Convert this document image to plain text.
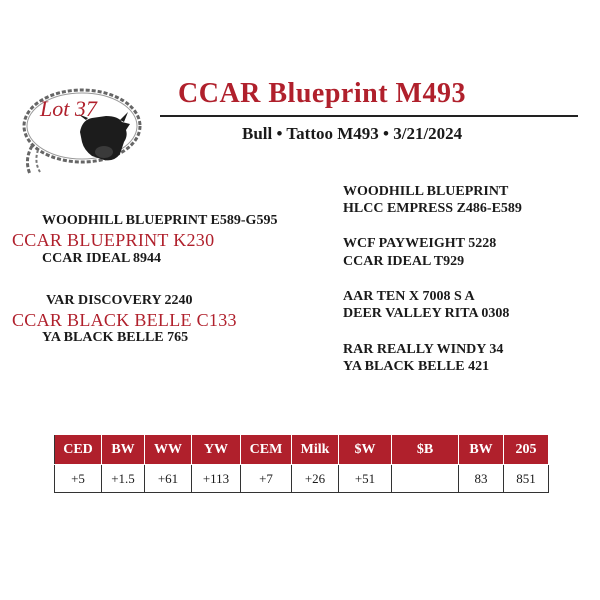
Lot 37	CCAR Blueprint M493
Bull • Tattoo M493 • 3/21/2024
WOODHILL BLUEPRINT E589-G595
CCAR BLUEPRINT K230
CCAR IDEAL 8944
VAR DISCOVERY 2240
CCAR BLACK BELLE C133
YA BLACK BELLE 765
WOODHILL BLUEPRINT
HLCC EMPRESS Z486-E589
WCF PAYWEIGHT 5228
CCAR IDEAL T929
AAR TEN X 7008 S A
DEER VALLEY RITA 0308
RAR REALLY WINDY 34
YA BLACK BELLE 421
CED	BW	WW	YW	CEM	Milk	$W	$B	BW	205
+5	+1.5	+61	+113	+7	+26	+51		83	851
